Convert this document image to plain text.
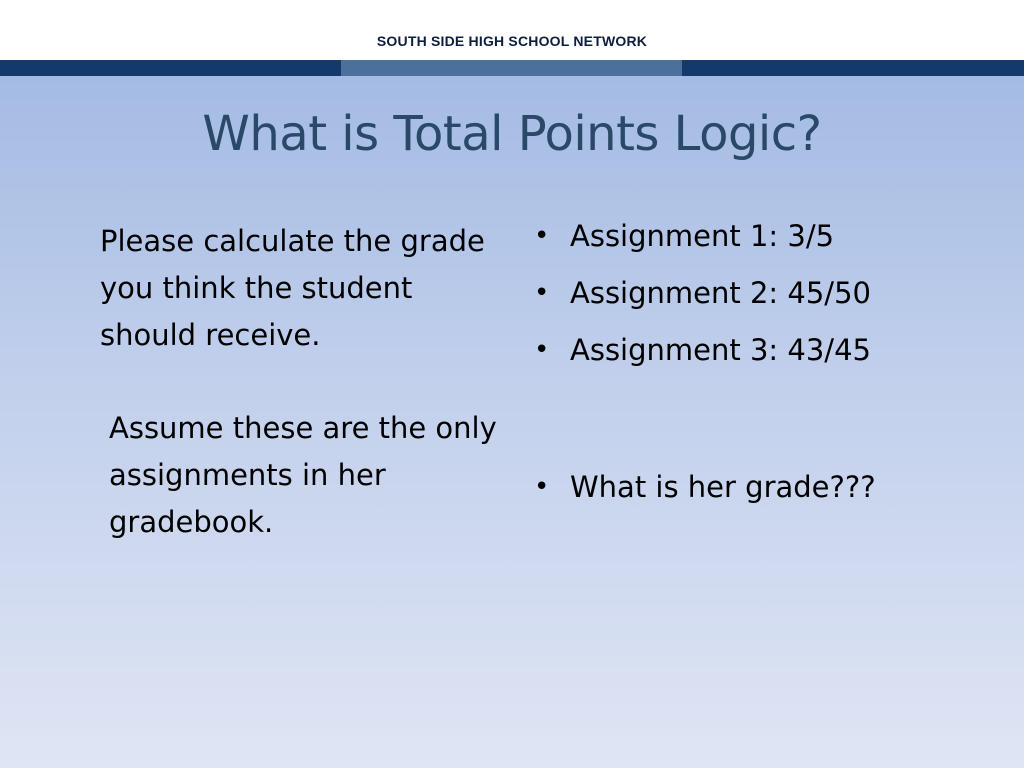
SOUTH SIDE HIGH SCHOOL NETWORK
What is Total Points Logic?

Please calculate the grade you think the student should receive.

Assume these are the only assignments in her gradebook.

• Assignment 1: 3/5
• Assignment 2: 45/50
• Assignment 3: 43/45
• What is her grade???
